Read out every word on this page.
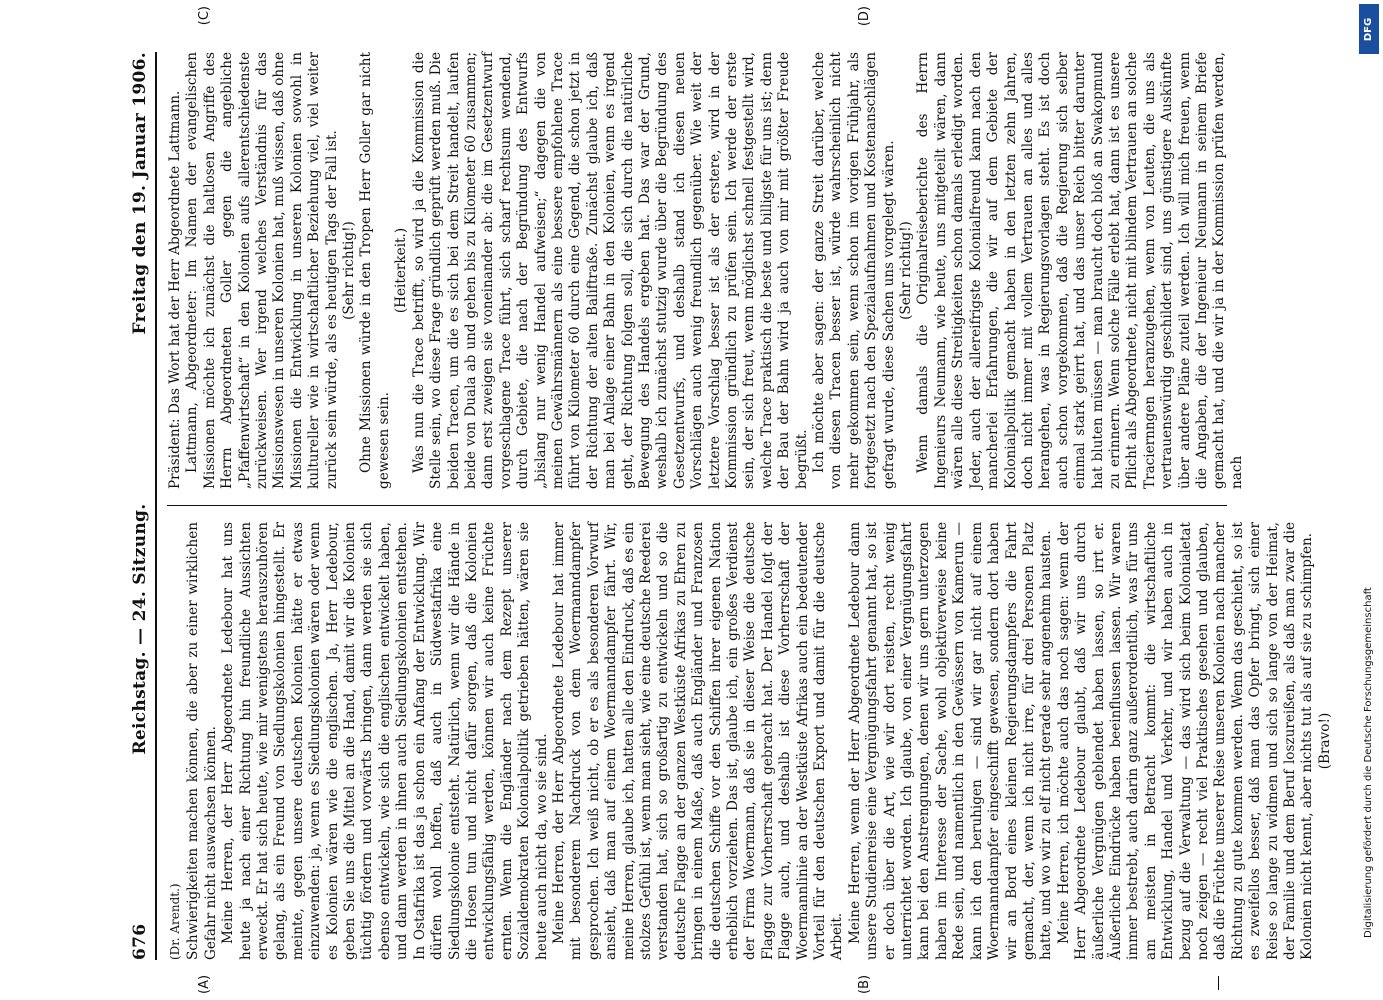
676
Reichstag. — 24. Sitzung.
Freitag den 19. Januar 1906.
(A)	(B)
(C)	(D)
(Dr. Arendt.) Schwierigkeiten machen können, die aber zu einer wirklichen Gefahr nicht auswachsen können. Meine Herren, der Herr Abgeordnete Ledebour hat uns heute ja nach einer Richtung hin freundliche Aussichten erweckt. Er hat sich heute, wie mir wenigstens herauszuhören gelang, als ein Freund von Siedlungskolonien hingestellt. Er meinte, gegen unsere deutschen Kolonien hätte er etwas einzuwenden: ja, wenn es Siedlungskolonien wären oder wenn es Kolonien wären wie die englischen. Ja, Herr Ledebour, geben Sie uns die Mittel an die Hand, damit wir die Kolonien tüchtig fördern und vorwärts bringen, dann werden sie sich ebenso entwickeln, wie sich die englischen entwickelt haben, und dann werden in ihnen auch Siedlungskolonien entstehen. In Ostafrika ist das ja schon ein Anfang der Entwicklung. Wir dürfen wohl hoffen, daß auch in Südwestafrika eine Siedlungskolonie entsteht. Natürlich, wenn wir die Hände in die Hosen tun und nicht dafür sorgen, daß die Kolonien entwicklungsfähig werden, können wir auch keine Früchte ernten. Wenn die Engländer nach dem Rezept unserer Sozialdemokraten Kolonialpolitik getrieben hätten, wären sie heute auch nicht da, wo sie sind. Meine Herren, der Herr Abgeordnete Ledebour hat immer mit besonderem Nachdruck von dem Woermanndampfer gesprochen. Ich weiß nicht, ob er es als besonderen Vorwurf ansieht, daß man auf einem Woermanndampfer fährt. Wir, meine Herren, glaube ich, hatten alle den Eindruck, daß es ein stolzes Gefühl ist, wenn man sieht, wie eine deutsche Reederei verstanden hat, sich so großartig zu entwickeln und so die deutsche Flagge an der ganzen Westküste Afrikas zu Ehren zu bringen in einem Maße, daß auch Engländer und Franzosen die deutschen Schiffe vor den Schiffen ihrer eigenen Nation erheblich vorziehen. Das ist, glaube ich, ein großes Verdienst der Firma Woermann, daß sie in dieser Weise die deutsche Flagge zur Vorherrschaft gebracht hat. Der Handel folgt der Flagge auch, und deshalb ist diese Vorherrschaft der Woermannlinie an der Westküste Afrikas auch ein bedeutender Vorteil für den deutschen Export und damit für die deutsche Arbeit. Meine Herren, wenn der Herr Abgeordnete Ledebour dann unsere Studienreise eine Vergnügungsfahrt genannt hat, so ist er doch über die Art, wie wir dort reisten, recht wenig unterrichtet worden. Ich glaube, von einer Vergnügungsfahrt kann bei den Anstrengungen, denen wir uns gern unterzogen haben im Interesse der Sache, wohl objektiverweise keine Rede sein, und namentlich in den Gewässern von Kamerun — kann ich den beruhigen — sind wir gar nicht auf einem Woermanndampfer eingeschifft gewesen, sondern dort haben wir an Bord eines kleinen Regierungsdampfers die Fahrt gemacht, der, wenn ich nicht irre, für drei Personen Platz hatte, und wo wir zu elf nicht gerade sehr angenehm hausten. Meine Herren, ich möchte auch das noch sagen: wenn der Herr Abgeordnete Ledebour glaubt, daß wir uns durch äußerliche Vergnügen geblendet haben lassen, so irrt er. Äußerliche Eindrücke haben beeinflussen lassen. Wir waren immer bestrebt, auch darin ganz außerordentlich, was für uns am meisten in Betracht kommt: die wirtschaftliche Entwicklung, Handel und Verkehr, und wir haben auch in bezug auf die Verwaltung — das wird sich beim Kolonialetat noch zeigen — recht viel Praktisches gesehen und glauben, daß die Früchte unserer Reise unseren Kolonien nach mancher Richtung zu gute kommen werden. Wenn das geschieht, so ist es zweifellos besser, daß man das Opfer bringt, sich einer Reise so lange zu widmen und sich so lange von der Heimat, der Familie und dem Beruf loszureißen, als daß man zwar die Kolonien nicht kennt, aber nichts tut als auf sie zu schimpfen. (Bravo!)

Präsident: Das Wort hat der Herr Abgeordnete Lattmann. Lattmann, Abgeordneter: Im Namen der evangelischen Missionen möchte ich zunächst die haltlosen Angriffe des Herrn Abgeordneten Goller gegen die angebliche „Pfaffenwirtschaft“ in den Kolonien aufs allerentschiedenste zurückweisen. Wer irgend welches Verständnis für das Missionswesen in unseren Kolonien hat, muß wissen, daß ohne Missionen die Entwicklung in unseren Kolonien sowohl in kultureller wie in wirtschaftlicher Beziehung viel, viel weiter zurück sein würde, als es heutigen Tags der Fall ist. (Sehr richtig!) Ohne Missionen würde in den Tropen Herr Goller gar nicht gewesen sein.

(Heiterkeit.) Was nun die Trace betrifft, so wird ja die Kommission die Stelle sein, wo diese Frage gründlich geprüft werden muß. Die beiden Tracen, um die es sich bei dem Streit handelt, laufen beide von Duala ab und gehen bis zu Kilometer 60 zusammen; dann erst zweigen sie voneinander ab: die im Gesetzentwurf vorgeschlagene Trace führt, sich scharf rechtsum wendend, durch Gebiete, die nach der Begründung des Entwurfs „bislang nur wenig Handel aufweisen;“ dagegen die von meinen Gewährsmännern als eine bessere empfohlene Trace führt von Kilometer 60 durch eine Gegend, die schon jetzt in der Richtung der alten Baliftraße. Zunächst glaube ich, daß man bei Anlage einer Bahn in den Kolonien, wenn es irgend geht, der Richtung folgen soll, die sich durch die natürliche Bewegung des Handels ergeben hat. Das war der Grund, weshalb ich zunächst stutzig wurde über die Begründung des Gesetzentwurfs, und deshalb stand ich diesen neuen Vorschlägen auch wenig freundlich gegenüber. Wie weit der letztere Vorschlag besser ist als der erstere, wird in der Kommission gründlich zu prüfen sein. Ich werde der erste sein, der sich freut, wenn möglichst schnell festgestellt wird, welche Trace praktisch die beste und billigste für uns ist; denn der Bau der Bahn wird ja auch von mir mit größter Freude begrüßt. Ich möchte aber sagen: der ganze Streit darüber, welche von diesen Tracen besser ist, würde wahrscheinlich nicht mehr gekommen sein, wenn schon im vorigen Frühjahr, als fortgesetzt nach den Spezialaufnahmen und Kostenanschlägen gefragt wurde, diese Sachen uns vorgelegt wären. (Sehr richtig!) Wenn damals die Originalreiseberichte des Herrn Ingenieurs Neumann, wie heute, uns mitgeteilt wären, dann wären alle diese Streitigkeiten schon damals erledigt worden. Jeder, auch der allereifrigste Kolonialfreund kann nach den mancherlei Erfahrungen, die wir auf dem Gebiete der Kolonialpolitik gemacht haben in den letzten zehn Jahren, doch nicht immer mit vollem Vertrauen an alles und alles herangehen, was in Regierungsvorlagen steht. Es ist doch auch schon vorgekommen, daß die Regierung sich selber einmal stark geirrt hat, und das unser Reich bitter darunter hat bluten müssen — man braucht doch bloß an Swakopmund zu erinnern. Wenn solche Fälle erlebt hat, dann ist es unsere Pflicht als Abgeordnete, nicht mit blindem Vertrauen an solche Traciernngen heranzugehen, wenn von Leuten, die uns als vertrauenswürdig geschildert sind, uns günstigere Auskünfte über andere Pläne zuteil werden. Ich will mich freuen, wenn die Angaben, die der Ingenieur Neumann in seinem Briefe gemacht hat, und die wir ja in der Kommission prüfen werden, nach

DFG
Digitalisierung gefördert durch die Deutsche Forschungsgemeinschaft
